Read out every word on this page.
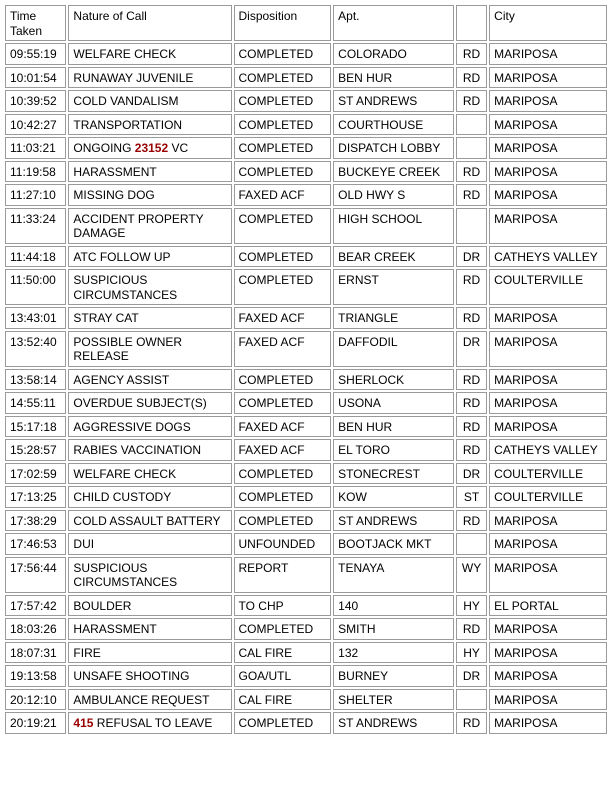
Time Taken	Nature of Call	Disposition	Apt.		City
09:55:19	WELFARE CHECK	COMPLETED	COLORADO	RD	MARIPOSA
10:01:54	RUNAWAY JUVENILE	COMPLETED	BEN HUR	RD	MARIPOSA
10:39:52	COLD VANDALISM	COMPLETED	ST ANDREWS	RD	MARIPOSA
10:42:27	TRANSPORTATION	COMPLETED	COURTHOUSE		MARIPOSA
11:03:21	ONGOING 23152 VC	COMPLETED	DISPATCH LOBBY		MARIPOSA
11:19:58	HARASSMENT	COMPLETED	BUCKEYE CREEK	RD	MARIPOSA
11:27:10	MISSING DOG	FAXED ACF	OLD HWY S	RD	MARIPOSA
11:33:24	ACCIDENT PROPERTY DAMAGE	COMPLETED	HIGH SCHOOL		MARIPOSA
11:44:18	ATC FOLLOW UP	COMPLETED	BEAR CREEK	DR	CATHEYS VALLEY
11:50:00	SUSPICIOUS CIRCUMSTANCES	COMPLETED	ERNST	RD	COULTERVILLE
13:43:01	STRAY CAT	FAXED ACF	TRIANGLE	RD	MARIPOSA
13:52:40	POSSIBLE OWNER RELEASE	FAXED ACF	DAFFODIL	DR	MARIPOSA
13:58:14	AGENCY ASSIST	COMPLETED	SHERLOCK	RD	MARIPOSA
14:55:11	OVERDUE SUBJECT(S)	COMPLETED	USONA	RD	MARIPOSA
15:17:18	AGGRESSIVE DOGS	FAXED ACF	BEN HUR	RD	MARIPOSA
15:28:57	RABIES VACCINATION	FAXED ACF	EL TORO	RD	CATHEYS VALLEY
17:02:59	WELFARE CHECK	COMPLETED	STONECREST	DR	COULTERVILLE
17:13:25	CHILD CUSTODY	COMPLETED	KOW	ST	COULTERVILLE
17:38:29	COLD ASSAULT BATTERY	COMPLETED	ST ANDREWS	RD	MARIPOSA
17:46:53	DUI	UNFOUNDED	BOOTJACK MKT		MARIPOSA
17:56:44	SUSPICIOUS CIRCUMSTANCES	REPORT	TENAYA	WY	MARIPOSA
17:57:42	BOULDER	TO CHP	140	HY	EL PORTAL
18:03:26	HARASSMENT	COMPLETED	SMITH	RD	MARIPOSA
18:07:31	FIRE	CAL FIRE	132	HY	MARIPOSA
19:13:58	UNSAFE SHOOTING	GOA/UTL	BURNEY	DR	MARIPOSA
20:12:10	AMBULANCE REQUEST	CAL FIRE	SHELTER		MARIPOSA
20:19:21	415 REFUSAL TO LEAVE	COMPLETED	ST ANDREWS	RD	MARIPOSA
